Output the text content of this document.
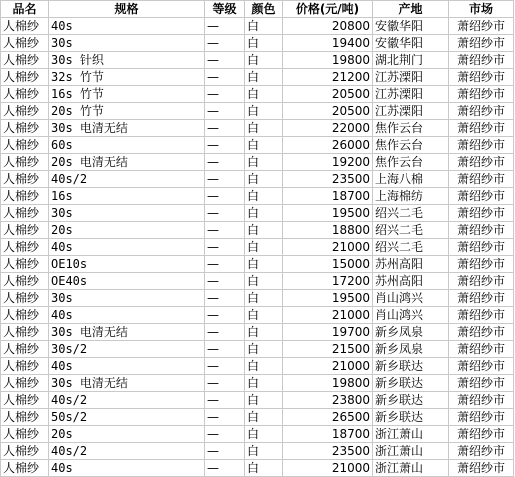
品名	规格	等级	颜色	价格(元/吨)	产地	市场
人棉纱	40s	—	白	20800	安徽华阳	萧绍纱市
人棉纱	30s	—	白	19400	安徽华阳	萧绍纱市
人棉纱	30s 针织	—	白	19800	湖北荆门	萧绍纱市
人棉纱	32s 竹节	—	白	21200	江苏溧阳	萧绍纱市
人棉纱	16s 竹节	—	白	20500	江苏溧阳	萧绍纱市
人棉纱	20s 竹节	—	白	20500	江苏溧阳	萧绍纱市
人棉纱	30s 电清无结	—	白	22000	焦作云台	萧绍纱市
人棉纱	60s	—	白	26000	焦作云台	萧绍纱市
人棉纱	20s 电清无结	—	白	19200	焦作云台	萧绍纱市
人棉纱	40s/2	—	白	23500	上海八棉	萧绍纱市
人棉纱	16s	—	白	18700	上海棉纺	萧绍纱市
人棉纱	30s	—	白	19500	绍兴二毛	萧绍纱市
人棉纱	20s	—	白	18800	绍兴二毛	萧绍纱市
人棉纱	40s	—	白	21000	绍兴二毛	萧绍纱市
人棉纱	OE10s	—	白	15000	苏州高阳	萧绍纱市
人棉纱	OE40s	—	白	17200	苏州高阳	萧绍纱市
人棉纱	30s	—	白	19500	肖山鸿兴	萧绍纱市
人棉纱	40s	—	白	21000	肖山鸿兴	萧绍纱市
人棉纱	30s 电清无结	—	白	19700	新乡凤泉	萧绍纱市
人棉纱	30s/2	—	白	21500	新乡凤泉	萧绍纱市
人棉纱	40s	—	白	21000	新乡联达	萧绍纱市
人棉纱	30s 电清无结	—	白	19800	新乡联达	萧绍纱市
人棉纱	40s/2	—	白	23800	新乡联达	萧绍纱市
人棉纱	50s/2	—	白	26500	新乡联达	萧绍纱市
人棉纱	20s	—	白	18700	浙江萧山	萧绍纱市
人棉纱	40s/2	—	白	23500	浙江萧山	萧绍纱市
人棉纱	40s	—	白	21000	浙江萧山	萧绍纱市
